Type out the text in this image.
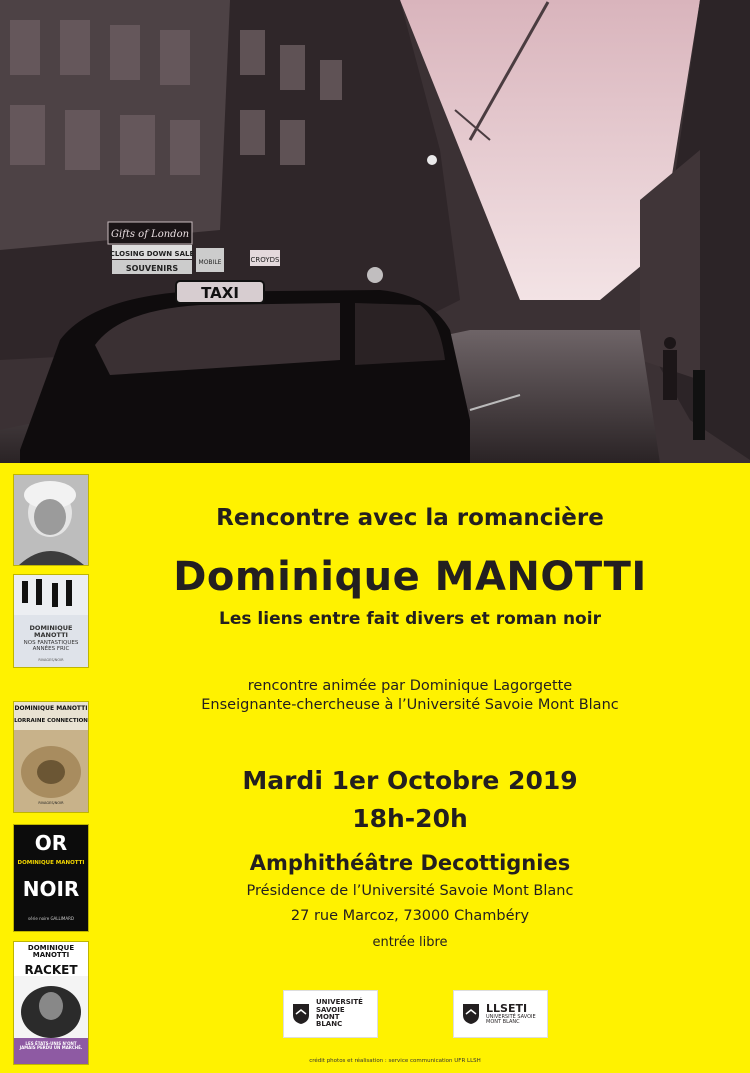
Gifts of London
CLOSING DOWN SALE
SOUVENIRS
MOBILE	CROYDS
TAXI
DOMINIQUE MANOTTI
NOS FANTASTIQUES ANNÉES FRIC
RIVAGES/NOIR
DOMINIQUE MANOTTI
LORRAINE CONNECTION
RIVAGES/NOIR
OR
DOMINIQUE MANOTTI
NOIR
série noire GALLIMARD
DOMINIQUE MANOTTI
RACKET
LES ÉTATS-UNIS N'ONT JAMAIS PERDU UN MARCHÉ.
Rencontre avec la romancière
Dominique MANOTTI
Les liens entre fait divers et roman noir
rencontre animée par Dominique Lagorgette
Enseignante-chercheuse à l’Université Savoie Mont Blanc
Mardi 1er Octobre 2019
18h-20h
Amphithéâtre Decottignies
Présidence de l’Université Savoie Mont Blanc
27 rue Marcoz, 73000 Chambéry
entrée libre
UNIVERSITÉ SAVOIE MONT BLANC
LLSETI
UNIVERSITÉ SAVOIE MONT BLANC
crédit photos et réalisation : service communication UFR LLSH
